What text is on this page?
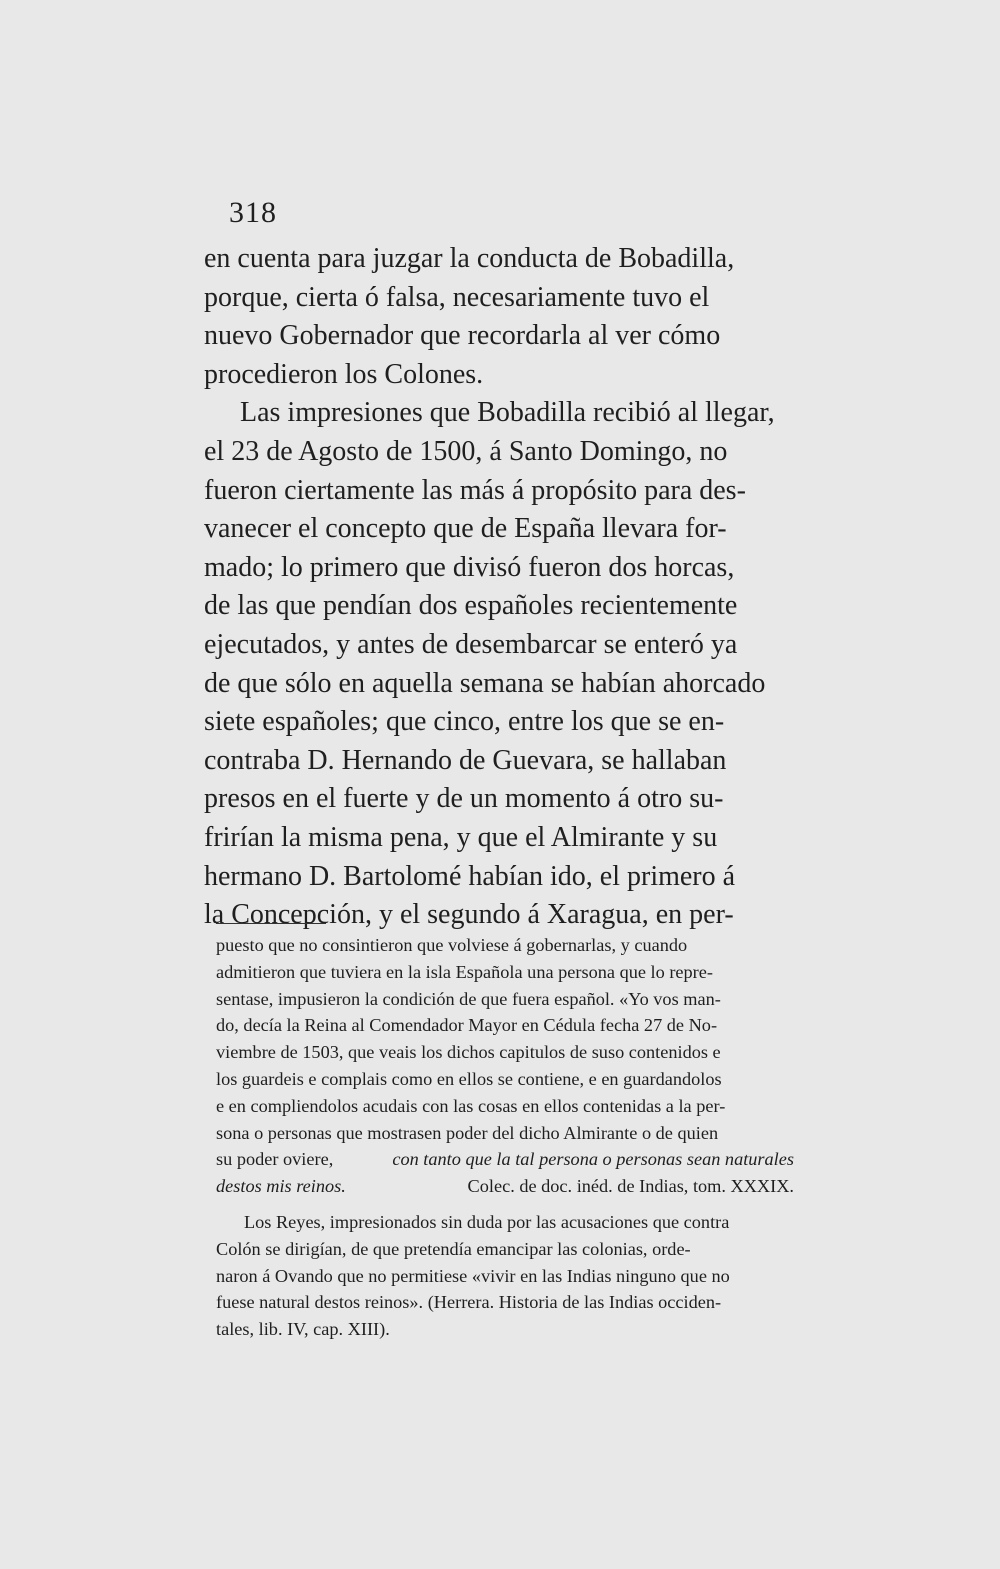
318
en cuenta para juzgar la conducta de Bobadilla,
porque, cierta ó falsa, necesariamente tuvo el
nuevo Gobernador que recordarla al ver cómo
procedieron los Colones.
Las impresiones que Bobadilla recibió al llegar,
el 23 de Agosto de 1500, á Santo Domingo, no
fueron ciertamente las más á propósito para des-
vanecer el concepto que de España llevara for-
mado; lo primero que divisó fueron dos horcas,
de las que pendían dos españoles recientemente
ejecutados, y antes de desembarcar se enteró ya
de que sólo en aquella semana se habían ahorcado
siete españoles; que cinco, entre los que se en-
contraba D. Hernando de Guevara, se hallaban
presos en el fuerte y de un momento á otro su-
frirían la misma pena, y que el Almirante y su
hermano D. Bartolomé habían ido, el primero á
la Concepción, y el segundo á Xaragua, en per-
puesto que no consintieron que volviese á gobernarlas, y cuando
admitieron que tuviera en la isla Española una persona que lo repre-
sentase, impusieron la condición de que fuera español. «Yo vos man-
do, decía la Reina al Comendador Mayor en Cédula fecha 27 de No-
viembre de 1503, que veais los dichos capitulos de suso contenidos e
los guardeis e complais como en ellos se contiene, e en guardandolos
e en compliendolos acudais con las cosas en ellos contenidas a la per-
sona o personas que mostrasen poder del dicho Almirante o de quien
su poder oviere,	con tanto que la tal persona o personas sean naturales
destos mis reinos.	Colec. de doc. inéd. de Indias, tom. XXXIX.
Los Reyes, impresionados sin duda por las acusaciones que contra
Colón se dirigían, de que pretendía emancipar las colonias, orde-
naron á Ovando que no permitiese «vivir en las Indias ninguno que no
fuese natural destos reinos». (Herrera. Historia de las Indias occiden-
tales, lib. IV, cap. XIII).
